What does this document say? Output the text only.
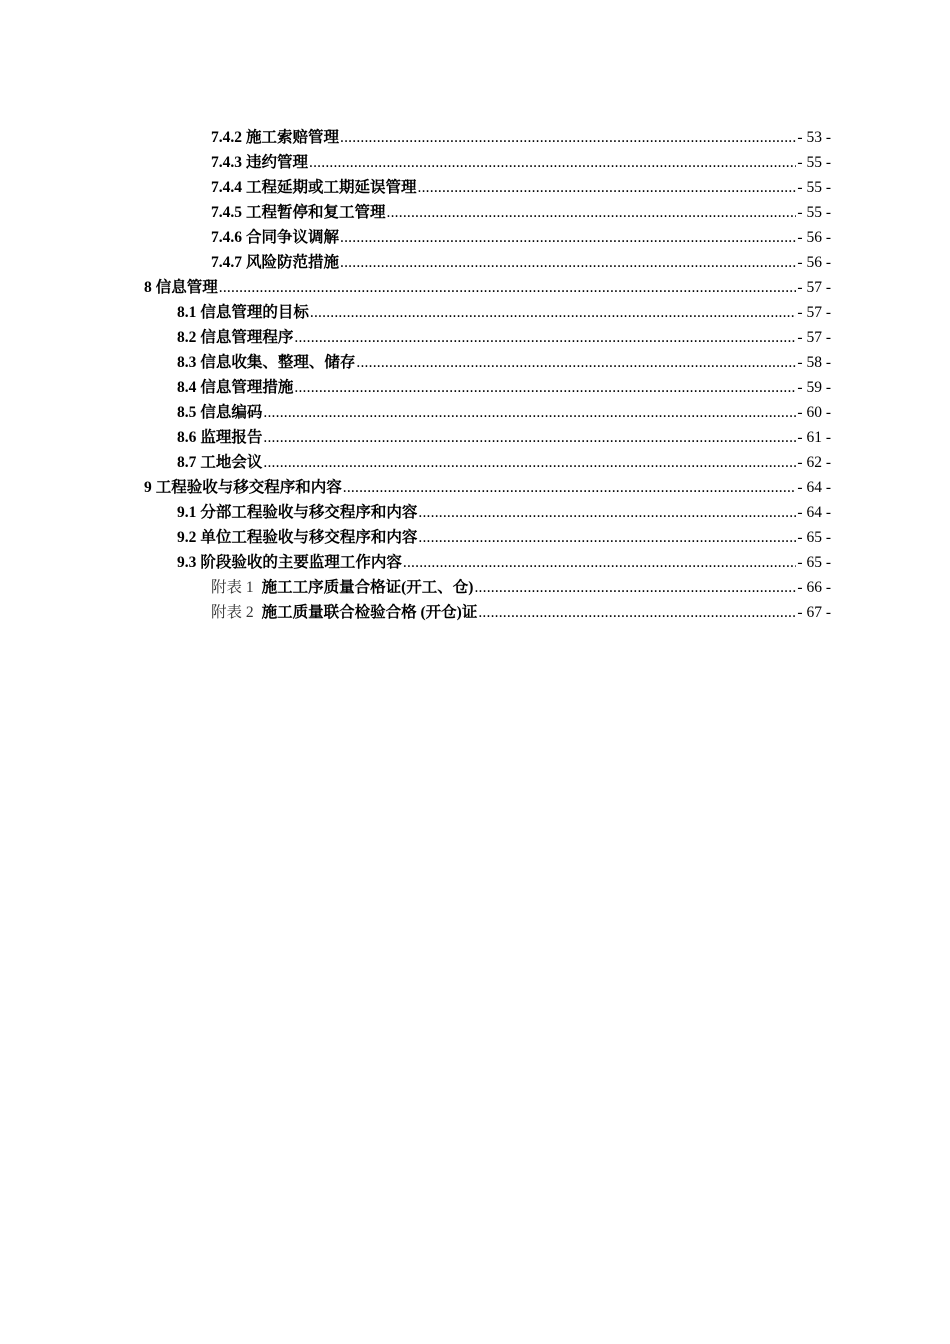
7.4.2 施工索赔管理 .....	- 53 -
7.4.3 违约管理 .....	- 55 -
7.4.4 工程延期或工期延误管理 .....	- 55 -
7.4.5 工程暂停和复工管理 .....	- 55 -
7.4.6 合同争议调解 .....	- 56 -
7.4.7 风险防范措施 .....	- 56 -
8 信息管理 .....	- 57 -
8.1 信息管理的目标 .....	- 57 -
8.2 信息管理程序 .....	- 57 -
8.3 信息收集、整理、储存 .....	- 58 -
8.4 信息管理措施 .....	- 59 -
8.5 信息编码 .....	- 60 -
8.6 监理报告 .....	- 61 -
8.7 工地会议 .....	- 62 -
9 工程验收与移交程序和内容 .....	- 64 -
9.1 分部工程验收与移交程序和内容 .....	- 64 -
9.2 单位工程验收与移交程序和内容 .....	- 65 -
9.3 阶段验收的主要监理工作内容 .....	- 65 -
附表 1 施工工序质量合格证(开工、仓) .....	- 66 -
附表 2 施工质量联合检验合格 (开仓)证 .....	- 67 -
